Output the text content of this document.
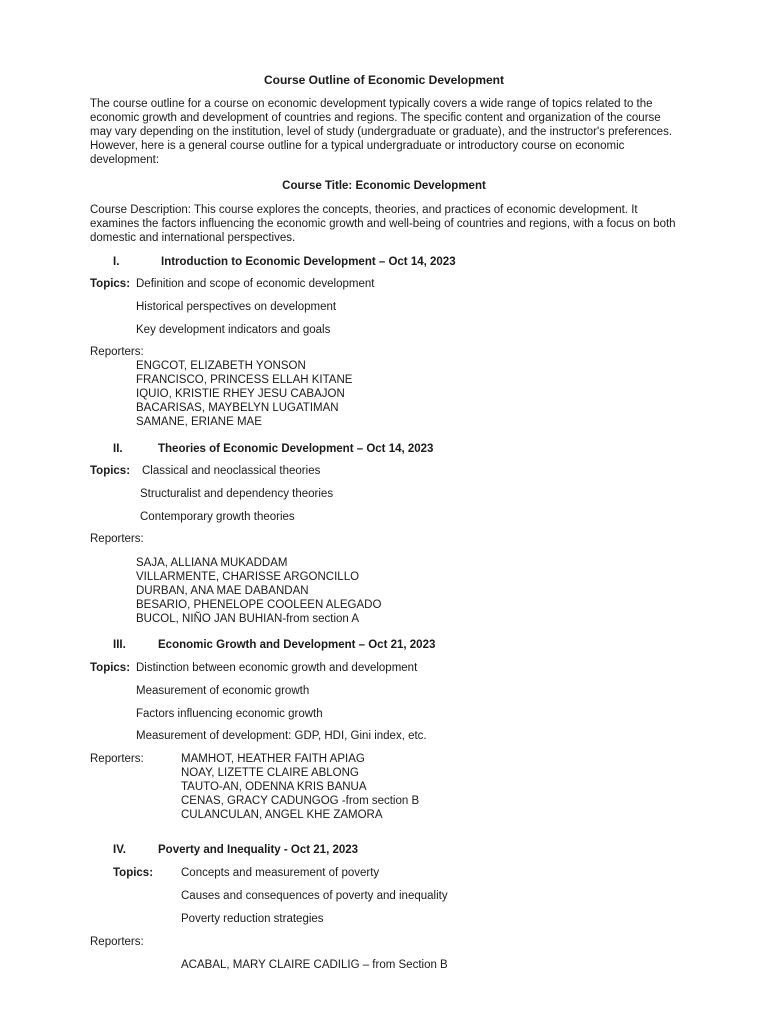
Course Outline of Economic Development
The course outline for a course on economic development typically covers a wide range of topics related to the economic growth and development of countries and regions. The specific content and organization of the course may vary depending on the institution, level of study (undergraduate or graduate), and the instructor's preferences. However, here is a general course outline for a typical undergraduate or introductory course on economic development:
Course Title: Economic Development
Course Description: This course explores the concepts, theories, and practices of economic development. It examines the factors influencing the economic growth and well-being of countries and regions, with a focus on both domestic and international perspectives.
I.	Introduction to Economic Development – Oct 14, 2023
Topics: Definition and scope of economic development
Historical perspectives on development
Key development indicators and goals
Reporters:
ENGCOT, ELIZABETH YONSON
FRANCISCO, PRINCESS ELLAH KITANE
IQUIO, KRISTIE RHEY JESU CABAJON
BACARISAS, MAYBELYN LUGATIMAN
SAMANE, ERIANE MAE
II.	Theories of Economic Development – Oct 14, 2023
Topics: Classical and neoclassical theories
Structuralist and dependency theories
Contemporary growth theories
Reporters:
SAJA, ALLIANA MUKADDAM
VILLARMENTE, CHARISSE ARGONCILLO
DURBAN, ANA MAE DABANDAN
BESARIO, PHENELOPE COOLEEN ALEGADO
BUCOL, NIÑO JAN BUHIAN-from section A
III.	Economic Growth and Development – Oct 21, 2023
Topics: Distinction between economic growth and development
Measurement of economic growth
Factors influencing economic growth
Measurement of development: GDP, HDI, Gini index, etc.
Reporters:	MAMHOT, HEATHER FAITH APIAG
NOAY, LIZETTE CLAIRE ABLONG
TAUTO-AN, ODENNA KRIS BANUA
CENAS, GRACY CADUNGOG -from section B
CULANCULAN, ANGEL KHE ZAMORA
IV.	Poverty and Inequality - Oct 21, 2023
Topics: Concepts and measurement of poverty
Causes and consequences of poverty and inequality
Poverty reduction strategies
Reporters:
ACABAL, MARY CLAIRE CADILIG – from Section B
